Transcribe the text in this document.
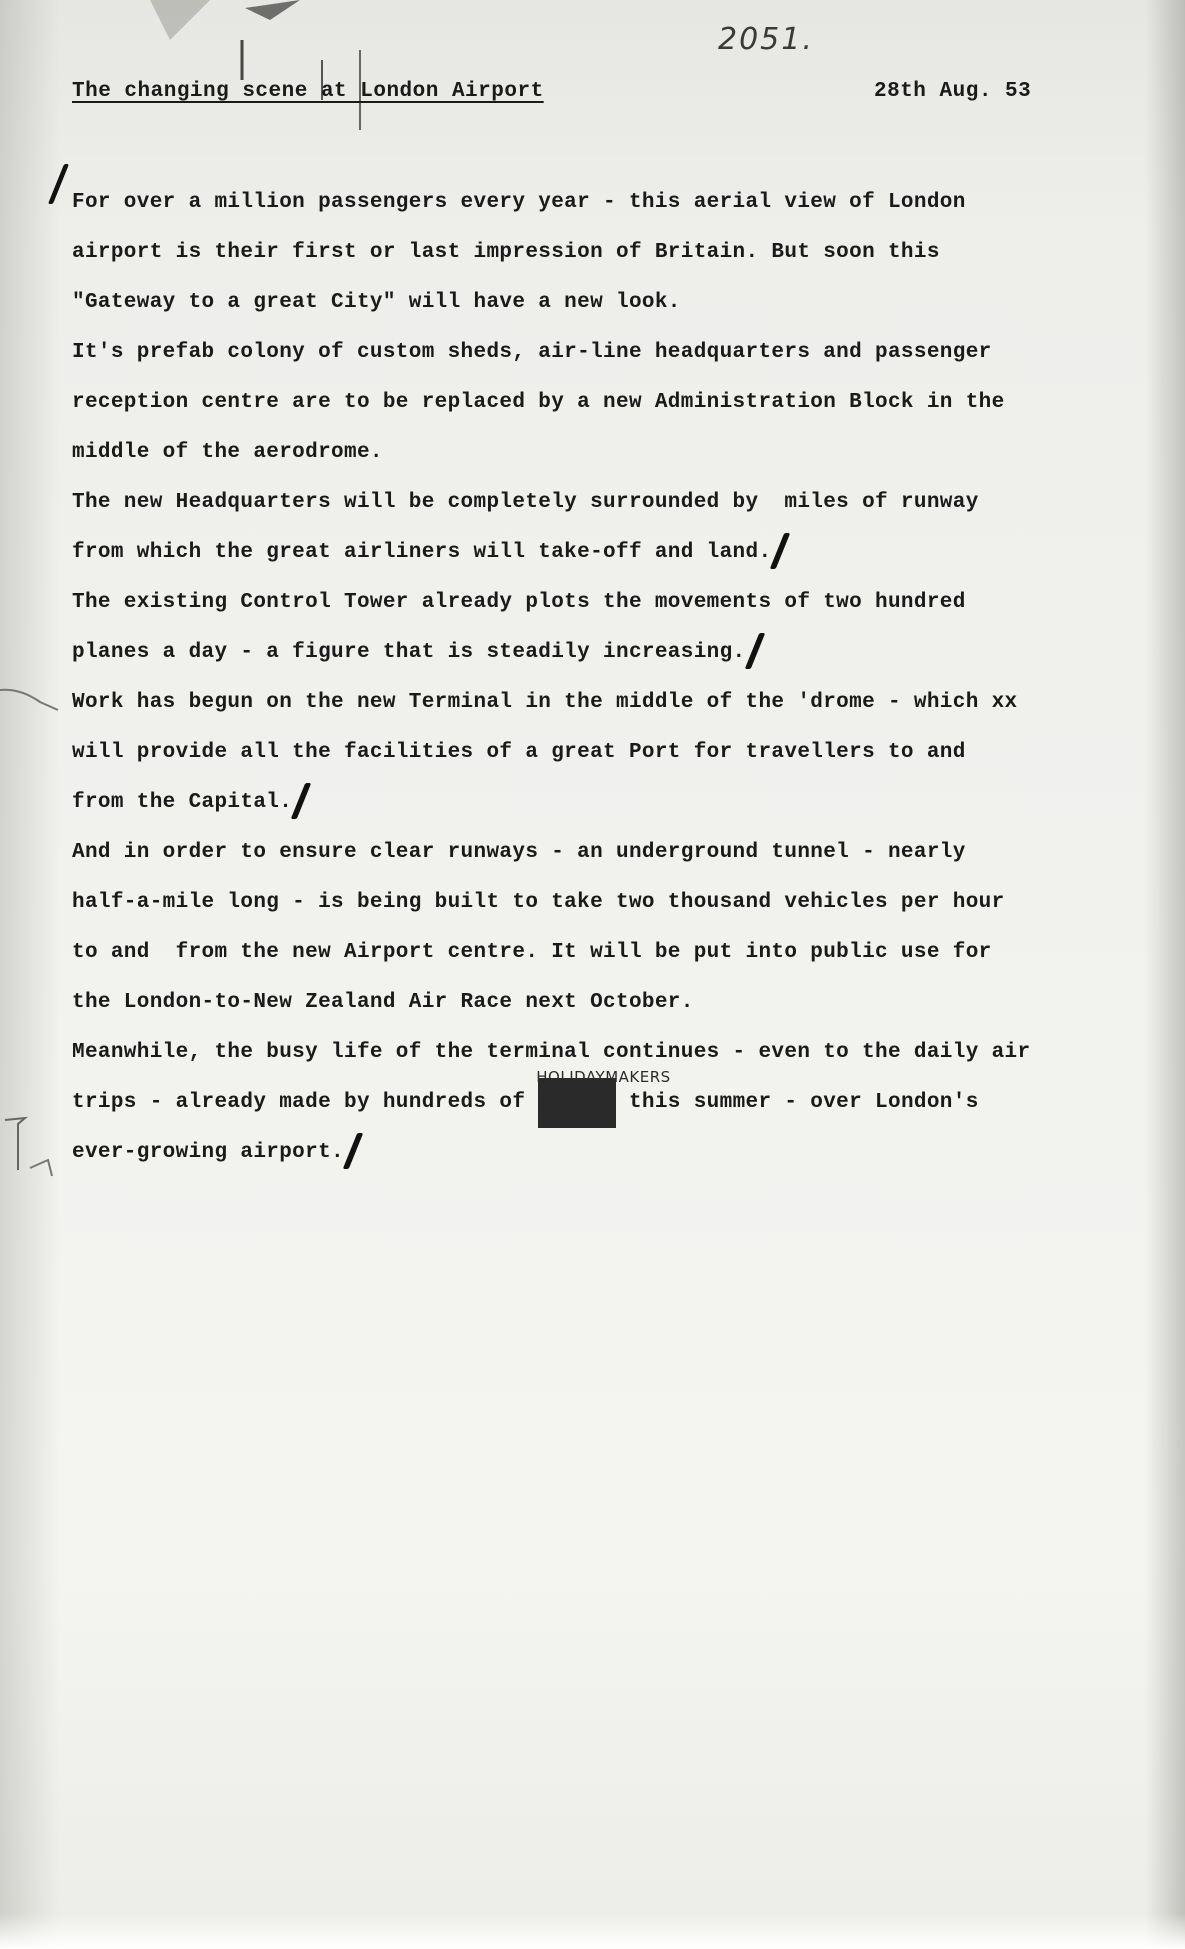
2051.
The changing scene at London Airport	28th Aug. 53
For over a million passengers every year - this aerial view of London
airport is their first or last impression of Britain. But soon this
"Gateway to a great City" will have a new look.
It's prefab colony of custom sheds, air-line headquarters and passenger
reception centre are to be replaced by a new Administration Block in the
middle of the aerodrome.
The new Headquarters will be completely surrounded by  miles of runway
from which the great airliners will take-off and land.
The existing Control Tower already plots the movements of two hundred
planes a day - a figure that is steadily increasing.
Work has begun on the new Terminal in the middle of the 'drome - which xx
will provide all the facilities of a great Port for travellers to and
from the Capital.
And in order to ensure clear runways - an underground tunnel - nearly
half-a-mile long - is being built to take two thousand vehicles per hour
to and  from the new Airport centre. It will be put into public use for
the London-to-New Zealand Air Race next October.
Meanwhile, the busy life of the terminal continues - even to the daily air
trips - already made by hundreds of
HOLIDAYMAKERS
people this summer - over London's
ever-growing airport.
